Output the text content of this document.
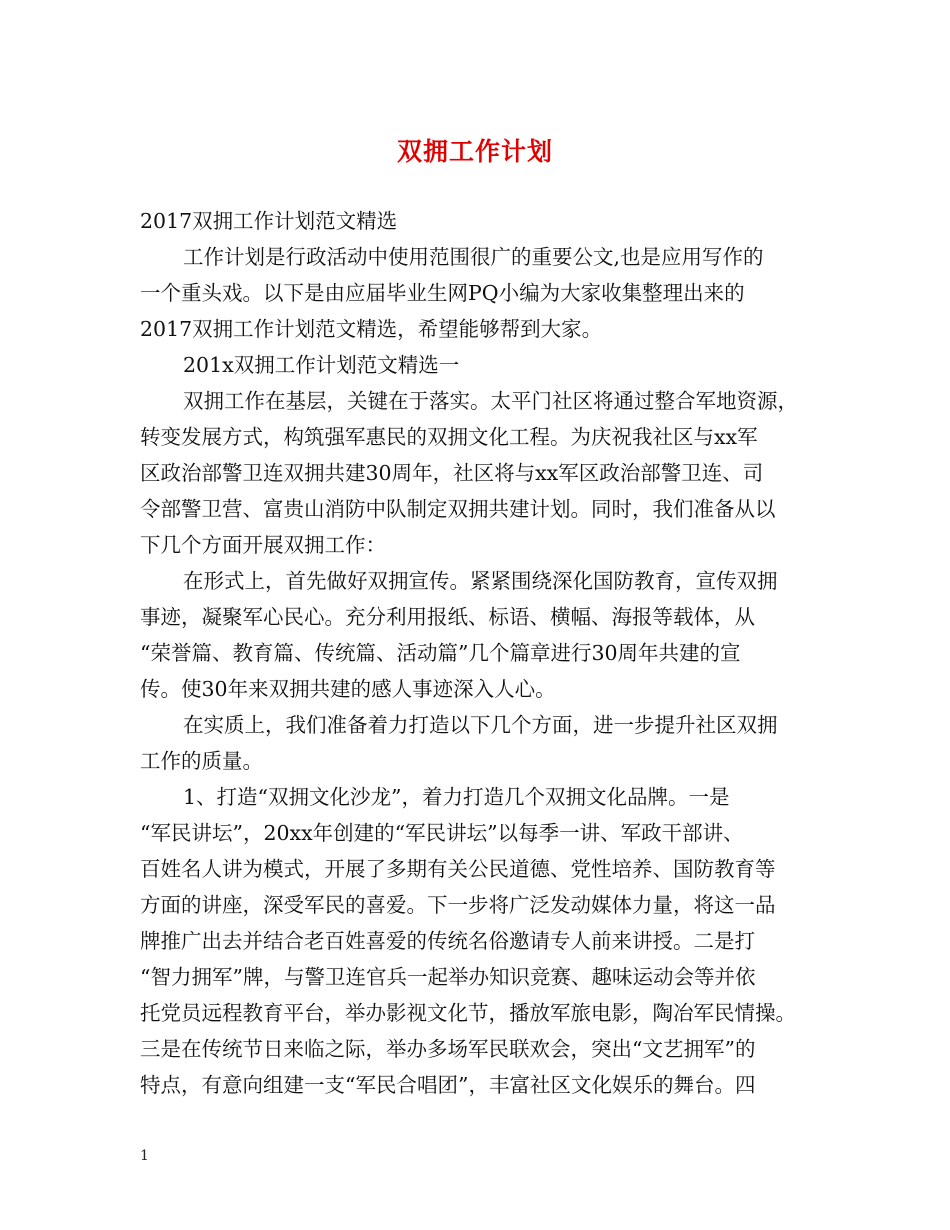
双拥工作计划
2017双拥工作计划范文精选
工作计划是行政活动中使用范围很广的重要公文,也是应用写作的
一个重头戏。以下是由应届毕业生网PQ小编为大家收集整理出来的
2017双拥工作计划范文精选，希望能够帮到大家。
201x双拥工作计划范文精选一
双拥工作在基层，关键在于落实。太平门社区将通过整合军地资源，
转变发展方式，构筑强军惠民的双拥文化工程。为庆祝我社区与xx军
区政治部警卫连双拥共建30周年，社区将与xx军区政治部警卫连、司
令部警卫营、富贵山消防中队制定双拥共建计划。同时，我们准备从以
下几个方面开展双拥工作：
在形式上，首先做好双拥宣传。紧紧围绕深化国防教育，宣传双拥
事迹，凝聚军心民心。充分利用报纸、标语、横幅、海报等载体，从
“荣誉篇、教育篇、传统篇、活动篇”几个篇章进行30周年共建的宣
传。使30年来双拥共建的感人事迹深入人心。
在实质上，我们准备着力打造以下几个方面，进一步提升社区双拥
工作的质量。
1、打造“双拥文化沙龙”，着力打造几个双拥文化品牌。一是
“军民讲坛”，20xx年创建的“军民讲坛”以每季一讲、军政干部讲、
百姓名人讲为模式，开展了多期有关公民道德、党性培养、国防教育等
方面的讲座，深受军民的喜爱。下一步将广泛发动媒体力量，将这一品
牌推广出去并结合老百姓喜爱的传统名俗邀请专人前来讲授。二是打
“智力拥军”牌，与警卫连官兵一起举办知识竞赛、趣味运动会等并依
托党员远程教育平台，举办影视文化节，播放军旅电影，陶冶军民情操。
三是在传统节日来临之际，举办多场军民联欢会，突出“文艺拥军”的
特点，有意向组建一支“军民合唱团”，丰富社区文化娱乐的舞台。四
1
